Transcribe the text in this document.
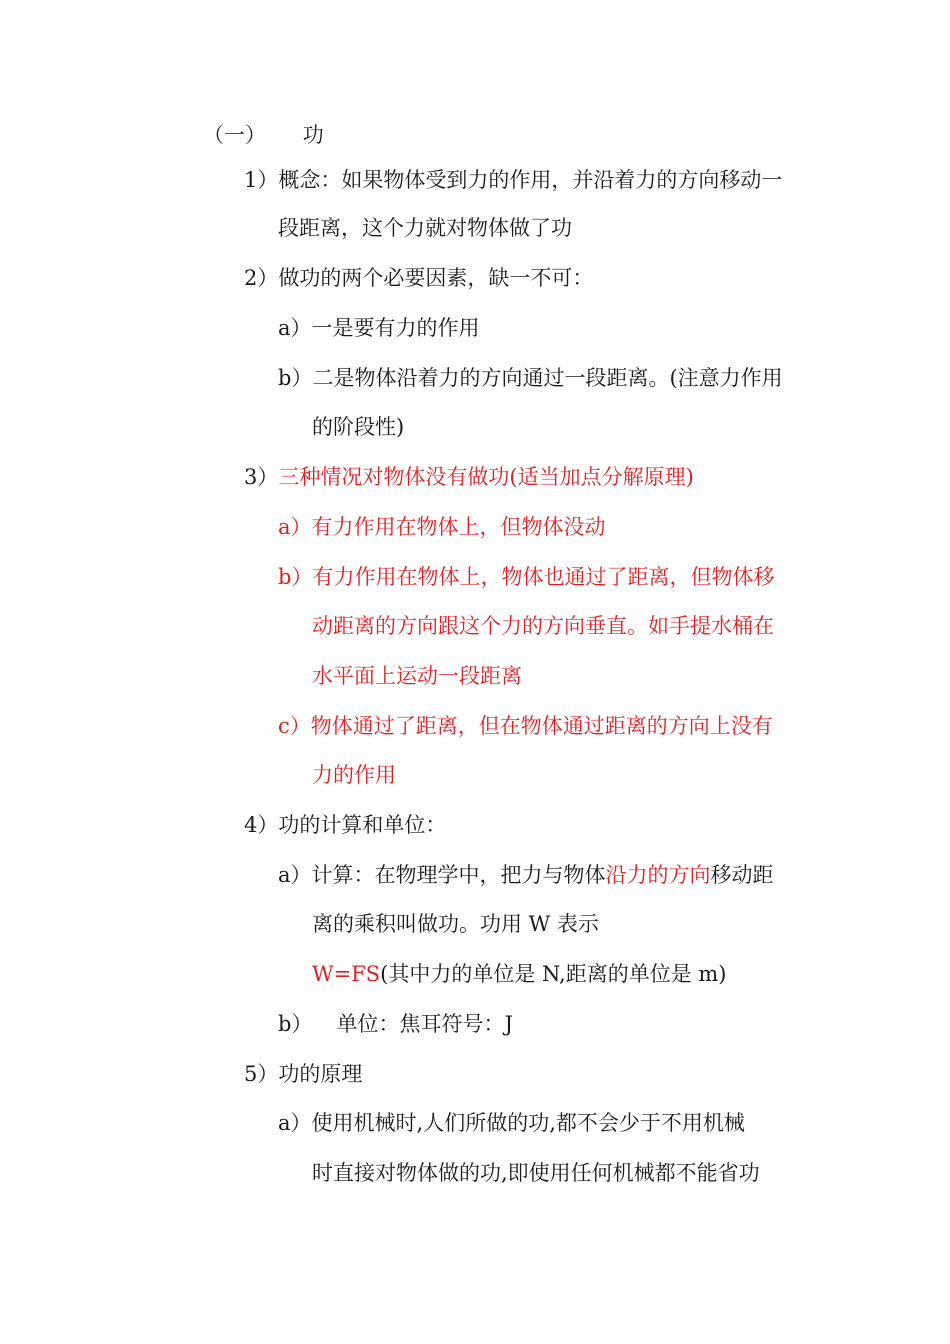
（一） 功
1）概念：如果物体受到力的作用，并沿着力的方向移动一
段距离，这个力就对物体做了功
2）做功的两个必要因素，缺一不可：
a）一是要有力的作用
b）二是物体沿着力的方向通过一段距离。(注意力作用
的阶段性)
3）三种情况对物体没有做功(适当加点分解原理)
a）有力作用在物体上，但物体没动
b）有力作用在物体上，物体也通过了距离，但物体移
动距离的方向跟这个力的方向垂直。如手提水桶在
水平面上运动一段距离
c）物体通过了距离，但在物体通过距离的方向上没有
力的作用
4）功的计算和单位：
a）计算：在物理学中，把力与物体沿力的方向移动距
离的乘积叫做功。功用 W 表示
W=FS(其中力的单位是 N,距离的单位是 m)
b） 单位：焦耳符号：J
5）功的原理
a）使用机械时,人们所做的功,都不会少于不用机械
时直接对物体做的功,即使用任何机械都不能省功
